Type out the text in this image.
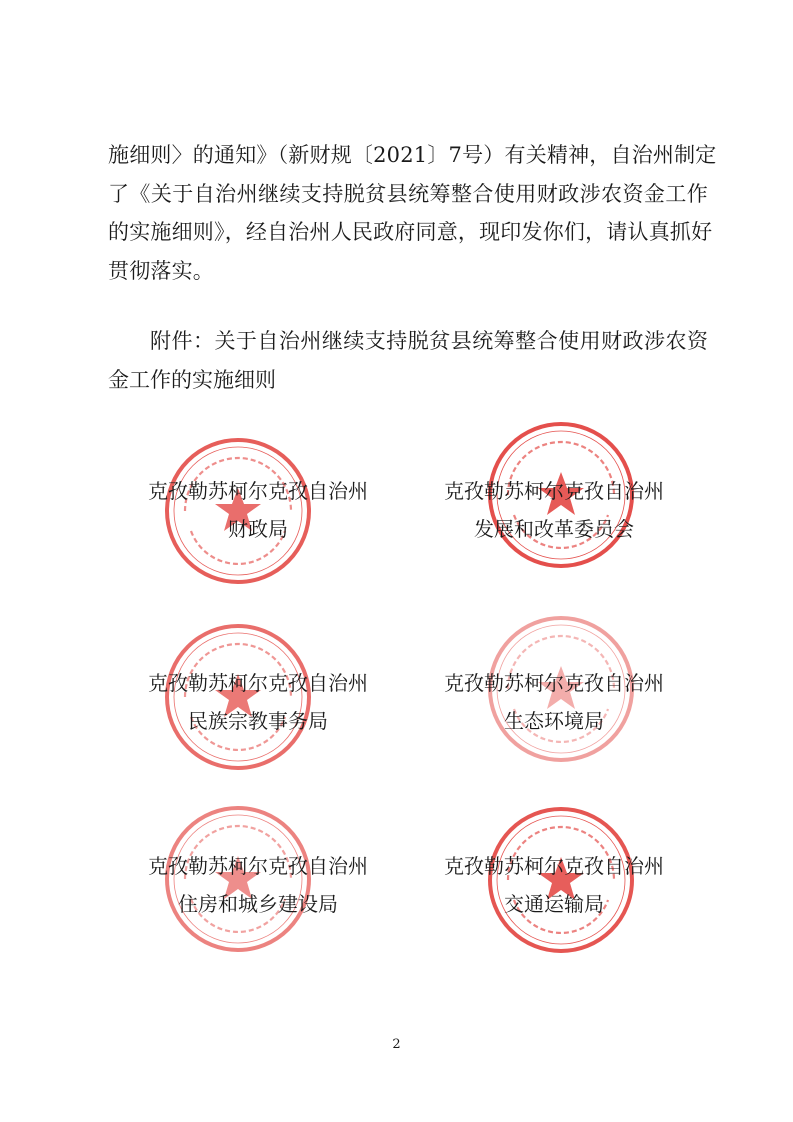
施细则〉的通知》（新财规〔2021〕7号）有关精神，自治州制定
了《关于自治州继续支持脱贫县统筹整合使用财政涉农资金工作
的实施细则》，经自治州人民政府同意，现印发你们，请认真抓好
贯彻落实。

附件：关于自治州继续支持脱贫县统筹整合使用财政涉农资
金工作的实施细则

克孜勒苏柯尔克孜自治州
财政局
克孜勒苏柯尔克孜自治州
发展和改革委员会
克孜勒苏柯尔克孜自治州
民族宗教事务局
克孜勒苏柯尔克孜自治州
生态环境局
克孜勒苏柯尔克孜自治州
住房和城乡建设局
克孜勒苏柯尔克孜自治州
交通运输局
2
